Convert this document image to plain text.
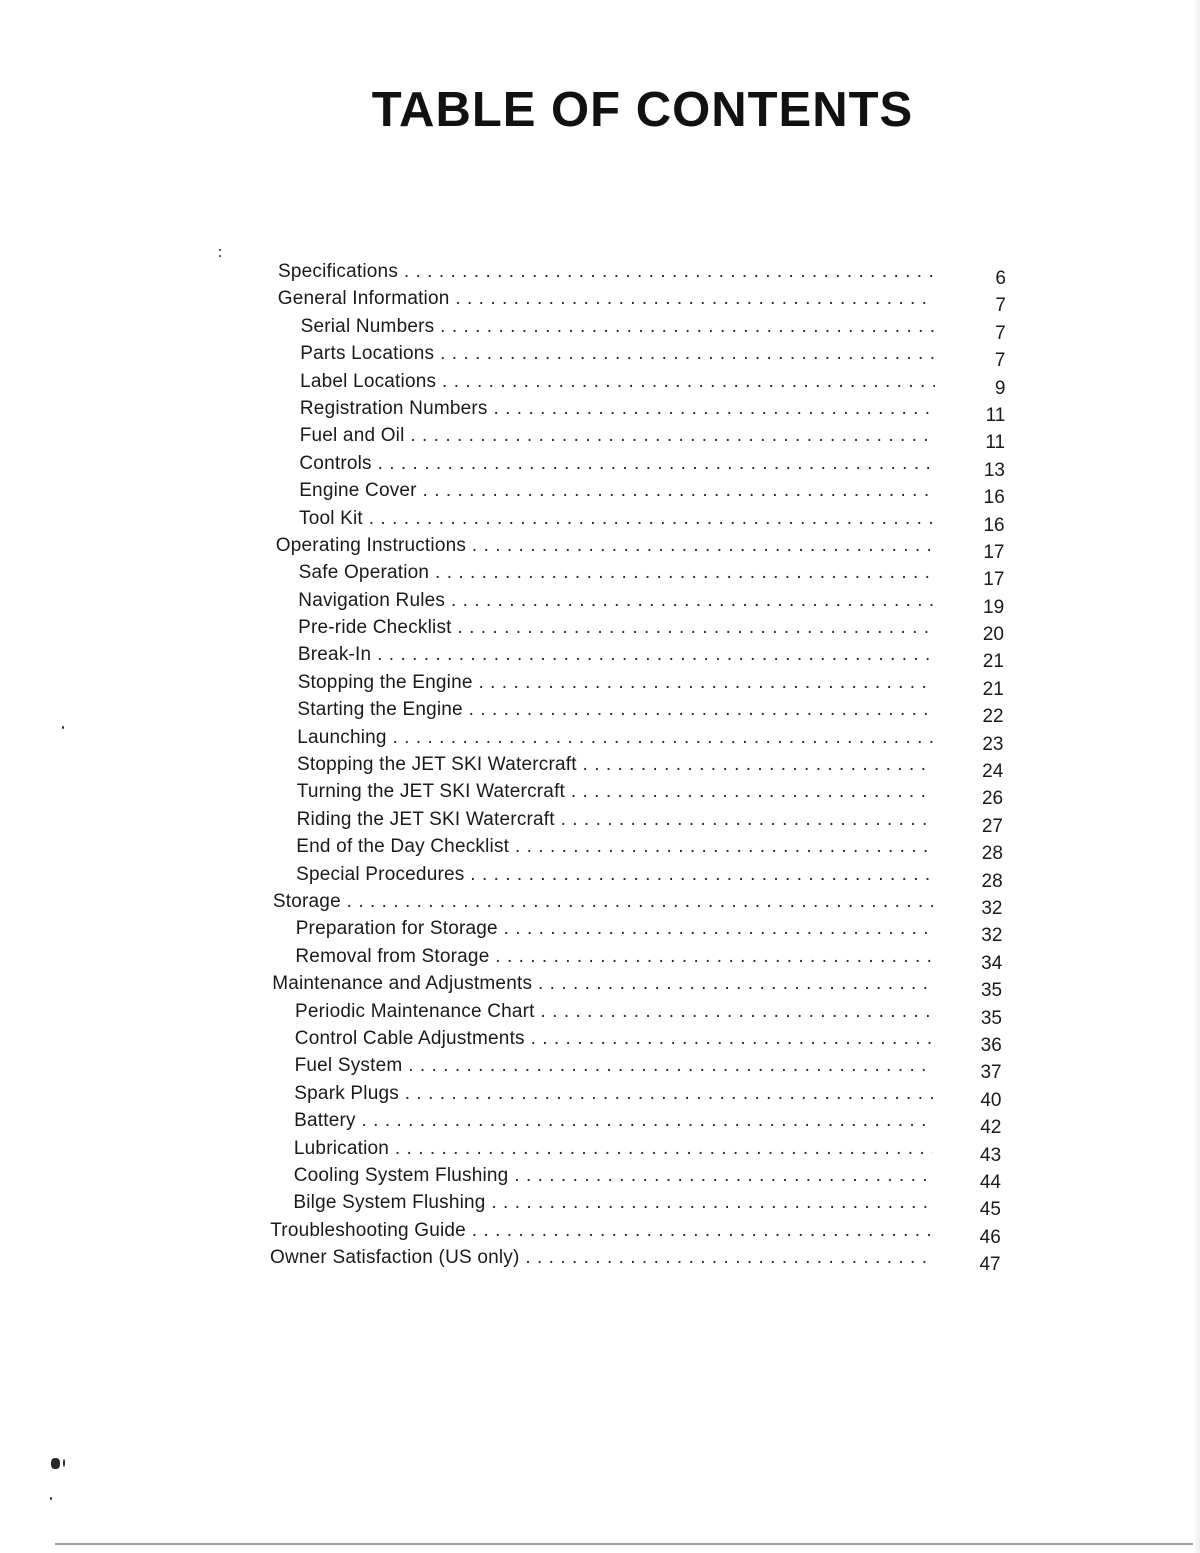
TABLE OF CONTENTS
Specifications . . .	6
General Information . . .	7
Serial Numbers . . .	7
Parts Locations . . .	7
Label Locations . . .	9
Registration Numbers . . .	11
Fuel and Oil . . .	11
Controls . . .	13
Engine Cover . . .	16
Tool Kit . . .	16
Operating Instructions . . .	17
Safe Operation . . .	17
Navigation Rules . . .	19
Pre-ride Checklist . . .	20
Break-In . . .	21
Stopping the Engine . . .	21
Starting the Engine . . .	22
Launching . . .	23
Stopping the JET SKI Watercraft . . .	24
Turning the JET SKI Watercraft . . .	26
Riding the JET SKI Watercraft . . .	27
End of the Day Checklist . . .	28
Special Procedures . . .	28
Storage . . .	32
Preparation for Storage . . .	32
Removal from Storage . . .	34
Maintenance and Adjustments . . .	35
Periodic Maintenance Chart . . .	35
Control Cable Adjustments . . .	36
Fuel System . . .	37
Spark Plugs . . .	40
Battery . . .	42
Lubrication . . .	43
Cooling System Flushing . . .	44
Bilge System Flushing . . .	45
Troubleshooting Guide . . .	46
Owner Satisfaction (US only) . . .	47
